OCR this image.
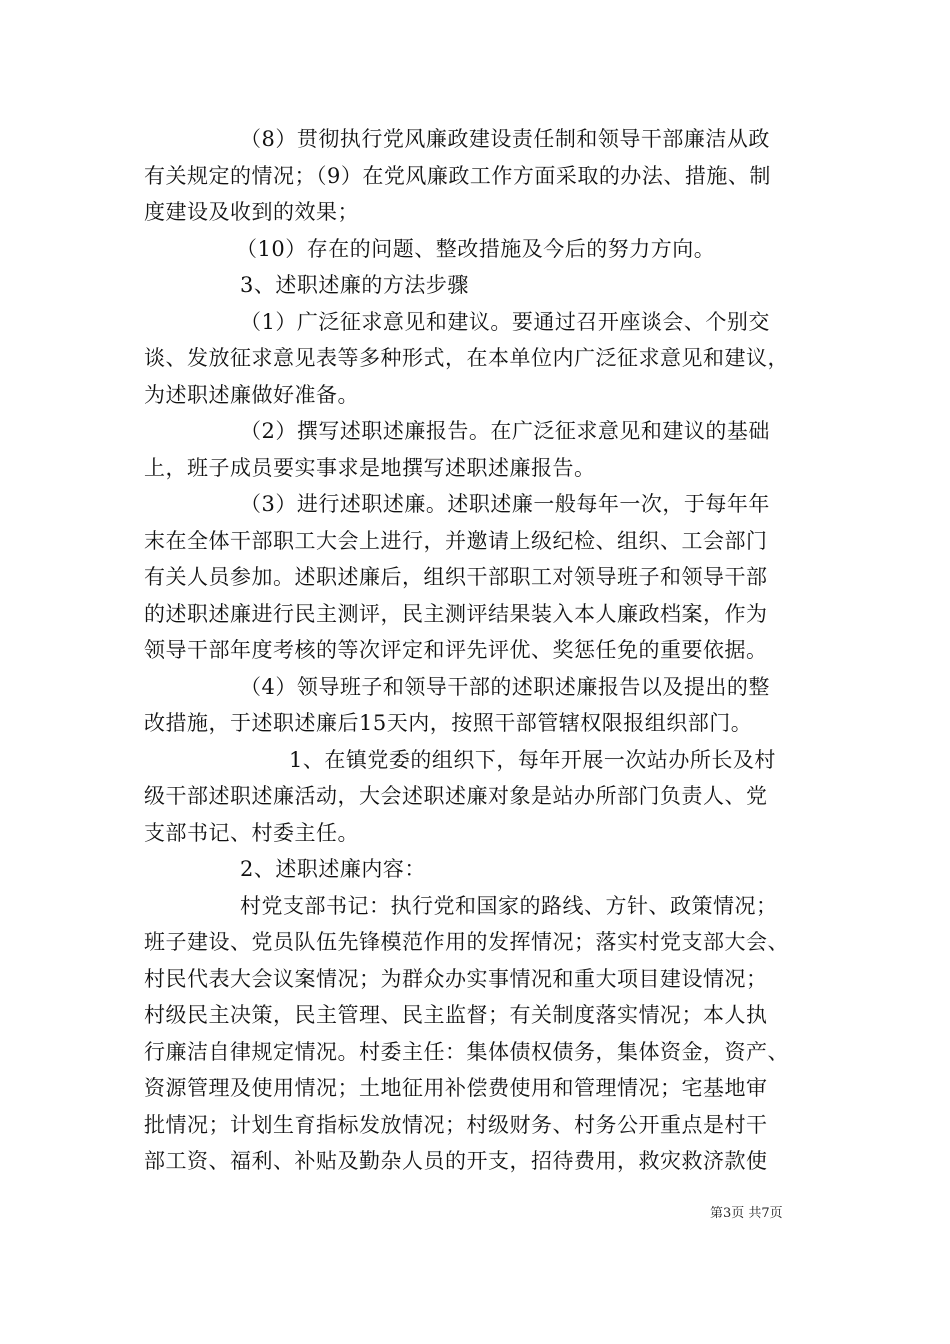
（8）贯彻执行党风廉政建设责任制和领导干部廉洁从政
有关规定的情况；（9）在党风廉政工作方面采取的办法、措施、制
度建设及收到的效果；
（10）存在的问题、整改措施及今后的努力方向。
3、述职述廉的方法步骤
（1）广泛征求意见和建议。要通过召开座谈会、个别交
谈、发放征求意见表等多种形式，在本单位内广泛征求意见和建议，
为述职述廉做好准备。
（2）撰写述职述廉报告。在广泛征求意见和建议的基础
上，班子成员要实事求是地撰写述职述廉报告。
（3）进行述职述廉。述职述廉一般每年一次，于每年年
末在全体干部职工大会上进行，并邀请上级纪检、组织、工会部门
有关人员参加。述职述廉后，组织干部职工对领导班子和领导干部
的述职述廉进行民主测评，民主测评结果装入本人廉政档案，作为
领导干部年度考核的等次评定和评先评优、奖惩任免的重要依据。
（4）领导班子和领导干部的述职述廉报告以及提出的整
改措施，于述职述廉后15天内，按照干部管辖权限报组织部门。
1、在镇党委的组织下，每年开展一次站办所长及村
级干部述职述廉活动，大会述职述廉对象是站办所部门负责人、党
支部书记、村委主任。
2、述职述廉内容：
村党支部书记：执行党和国家的路线、方针、政策情况；
班子建设、党员队伍先锋模范作用的发挥情况；落实村党支部大会、
村民代表大会议案情况；为群众办实事情况和重大项目建设情况；
村级民主决策，民主管理、民主监督；有关制度落实情况；本人执
行廉洁自律规定情况。村委主任：集体债权债务，集体资金，资产、
资源管理及使用情况；土地征用补偿费使用和管理情况；宅基地审
批情况；计划生育指标发放情况；村级财务、村务公开重点是村干
部工资、福利、补贴及勤杂人员的开支，招待费用，救灾救济款使
第3页 共7页
